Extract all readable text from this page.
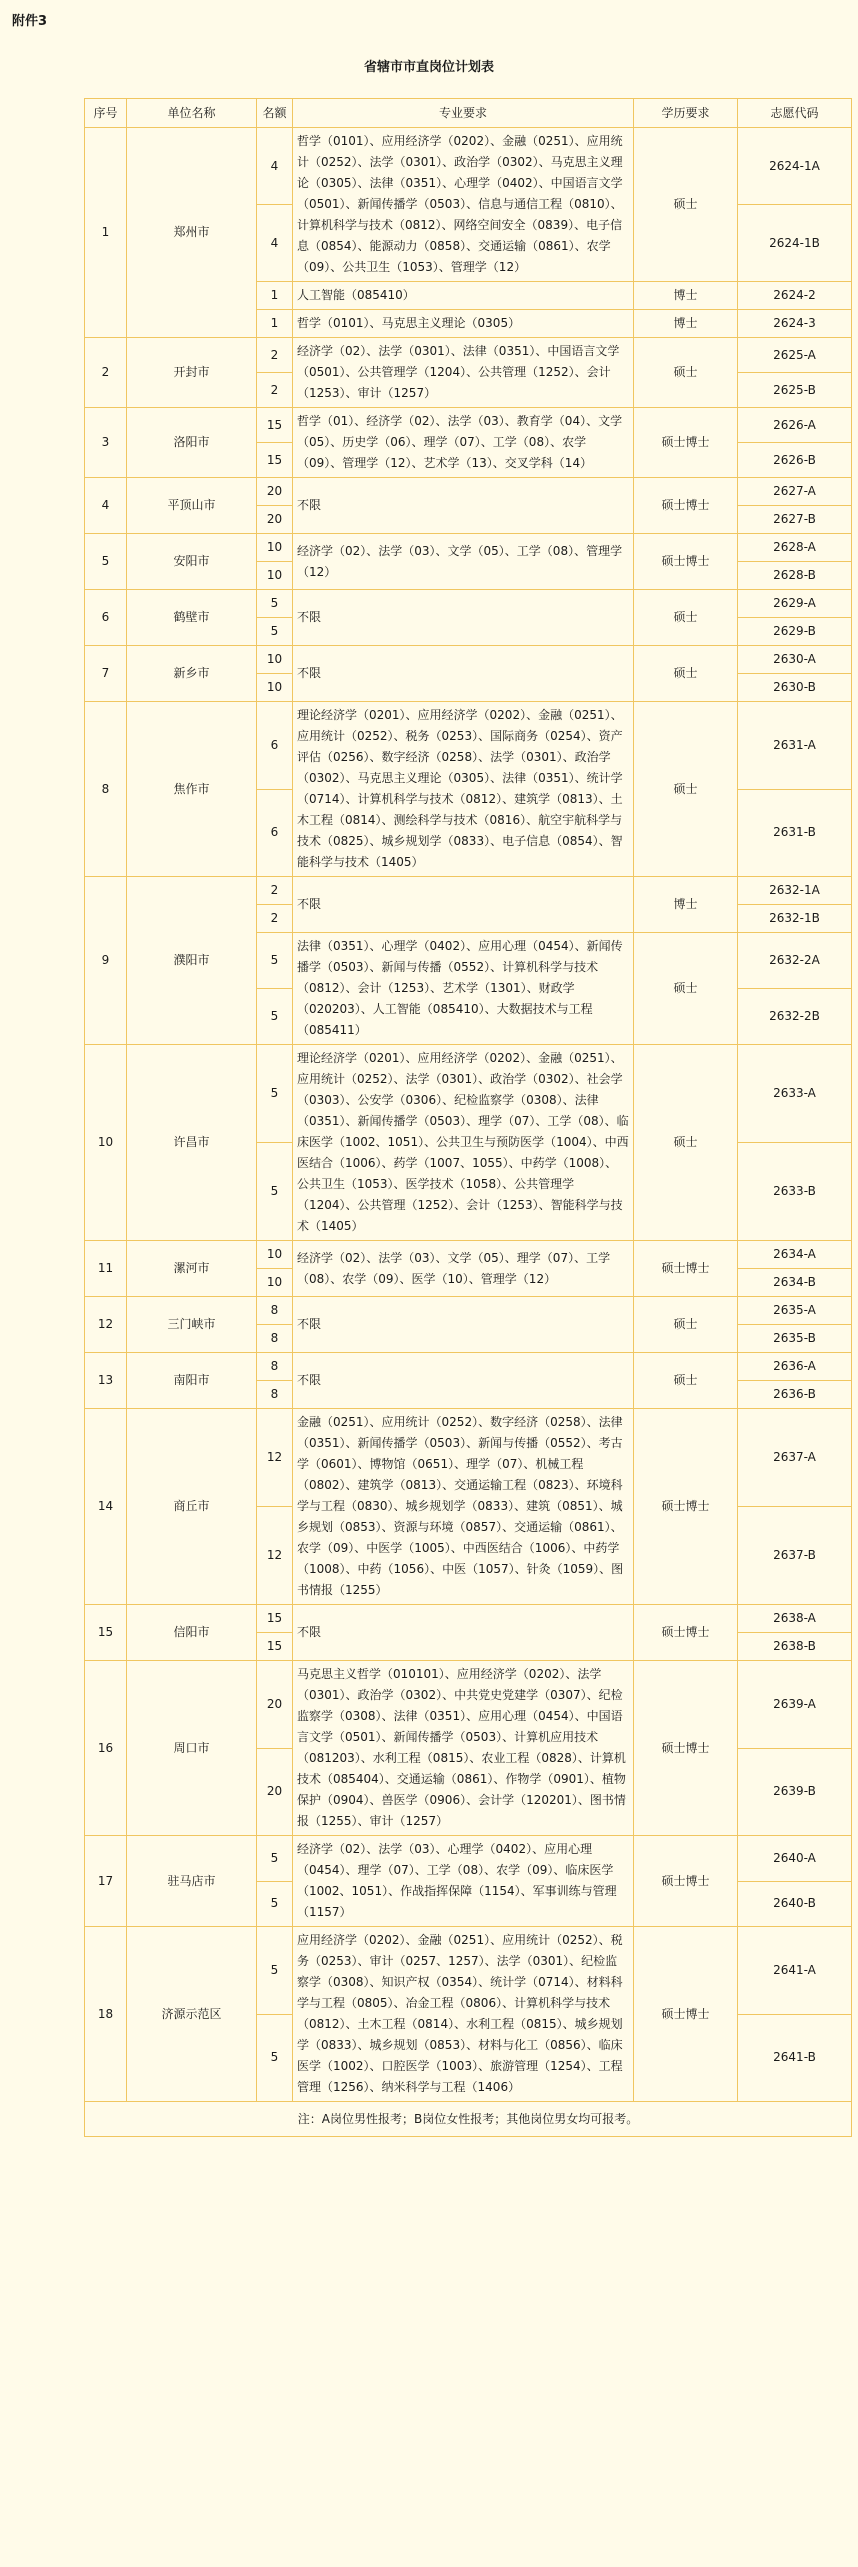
附件3
省辖市市直岗位计划表
序号	单位名称	名额	专业要求	学历要求	志愿代码
1	郑州市	4	哲学（0101）、应用经济学（0202）、金融（0251）、应用统计（0252）、法学（0301）、政治学（0302）、马克思主义理论（0305）、法律（0351）、心理学（0402）、中国语言文学（0501）、新闻传播学（0503）、信息与通信工程（0810）、计算机科学与技术（0812）、网络空间安全（0839）、电子信息（0854）、能源动力（0858）、交通运输（0861）、农学（09）、公共卫生（1053）、管理学（12）	硕士	2624-1A
		4			2624-1B
		1	人工智能（085410）	博士	2624-2
		1	哲学（0101）、马克思主义理论（0305）	博士	2624-3
2	开封市	2	经济学（02）、法学（0301）、法律（0351）、中国语言文学（0501）、公共管理学（1204）、公共管理（1252）、会计（1253）、审计（1257）	硕士	2625-A
		2			2625-B
3	洛阳市	15	哲学（01）、经济学（02）、法学（03）、教育学（04）、文学（05）、历史学（06）、理学（07）、工学（08）、农学（09）、管理学（12）、艺术学（13）、交叉学科（14）	硕士博士	2626-A
		15			2626-B
4	平顶山市	20	不限	硕士博士	2627-A
		20			2627-B
5	安阳市	10	经济学（02）、法学（03）、文学（05）、工学（08）、管理学（12）	硕士博士	2628-A
		10			2628-B
6	鹤壁市	5	不限	硕士	2629-A
		5			2629-B
7	新乡市	10	不限	硕士	2630-A
		10			2630-B
8	焦作市	6	理论经济学（0201）、应用经济学（0202）、金融（0251）、应用统计（0252）、税务（0253）、国际商务（0254）、资产评估（0256）、数字经济（0258）、法学（0301）、政治学（0302）、马克思主义理论（0305）、法律（0351）、统计学（0714）、计算机科学与技术（0812）、建筑学（0813）、土木工程（0814）、测绘科学与技术（0816）、航空宇航科学与技术（0825）、城乡规划学（0833）、电子信息（0854）、智能科学与技术（1405）	硕士	2631-A
		6			2631-B
9	濮阳市	2	不限	博士	2632-1A
		2			2632-1B
		5	法律（0351）、心理学（0402）、应用心理（0454）、新闻传播学（0503）、新闻与传播（0552）、计算机科学与技术（0812）、会计（1253）、艺术学（1301）、财政学（020203）、人工智能（085410）、大数据技术与工程（085411）	硕士	2632-2A
		5			2632-2B
10	许昌市	5	理论经济学（0201）、应用经济学（0202）、金融（0251）、应用统计（0252）、法学（0301）、政治学（0302）、社会学（0303）、公安学（0306）、纪检监察学（0308）、法律（0351）、新闻传播学（0503）、理学（07）、工学（08）、临床医学（1002、1051）、公共卫生与预防医学（1004）、中西医结合（1006）、药学（1007、1055）、中药学（1008）、公共卫生（1053）、医学技术（1058）、公共管理学（1204）、公共管理（1252）、会计（1253）、智能科学与技术（1405）	硕士	2633-A
		5			2633-B
11	漯河市	10	经济学（02）、法学（03）、文学（05）、理学（07）、工学（08）、农学（09）、医学（10）、管理学（12）	硕士博士	2634-A
		10			2634-B
12	三门峡市	8	不限	硕士	2635-A
		8			2635-B
13	南阳市	8	不限	硕士	2636-A
		8			2636-B
14	商丘市	12	金融（0251）、应用统计（0252）、数字经济（0258）、法律（0351）、新闻传播学（0503）、新闻与传播（0552）、考古学（0601）、博物馆（0651）、理学（07）、机械工程（0802）、建筑学（0813）、交通运输工程（0823）、环境科学与工程（0830）、城乡规划学（0833）、建筑（0851）、城乡规划（0853）、资源与环境（0857）、交通运输（0861）、农学（09）、中医学（1005）、中西医结合（1006）、中药学（1008）、中药（1056）、中医（1057）、针灸（1059）、图书情报（1255）	硕士博士	2637-A
		12			2637-B
15	信阳市	15	不限	硕士博士	2638-A
		15			2638-B
16	周口市	20	马克思主义哲学（010101）、应用经济学（0202）、法学（0301）、政治学（0302）、中共党史党建学（0307）、纪检监察学（0308）、法律（0351）、应用心理（0454）、中国语言文学（0501）、新闻传播学（0503）、计算机应用技术（081203）、水利工程（0815）、农业工程（0828）、计算机技术（085404）、交通运输（0861）、作物学（0901）、植物保护（0904）、兽医学（0906）、会计学（120201）、图书情报（1255）、审计（1257）	硕士博士	2639-A
		20			2639-B
17	驻马店市	5	经济学（02）、法学（03）、心理学（0402）、应用心理（0454）、理学（07）、工学（08）、农学（09）、临床医学（1002、1051）、作战指挥保障（1154）、军事训练与管理（1157）	硕士博士	2640-A
		5			2640-B
18	济源示范区	5	应用经济学（0202）、金融（0251）、应用统计（0252）、税务（0253）、审计（0257、1257）、法学（0301）、纪检监察学（0308）、知识产权（0354）、统计学（0714）、材料科学与工程（0805）、冶金工程（0806）、计算机科学与技术（0812）、土木工程（0814）、水利工程（0815）、城乡规划学（0833）、城乡规划（0853）、材料与化工（0856）、临床医学（1002）、口腔医学（1003）、旅游管理（1254）、工程管理（1256）、纳米科学与工程（1406）	硕士博士	2641-A
		5			2641-B
注：A岗位男性报考；B岗位女性报考；其他岗位男女均可报考。					
